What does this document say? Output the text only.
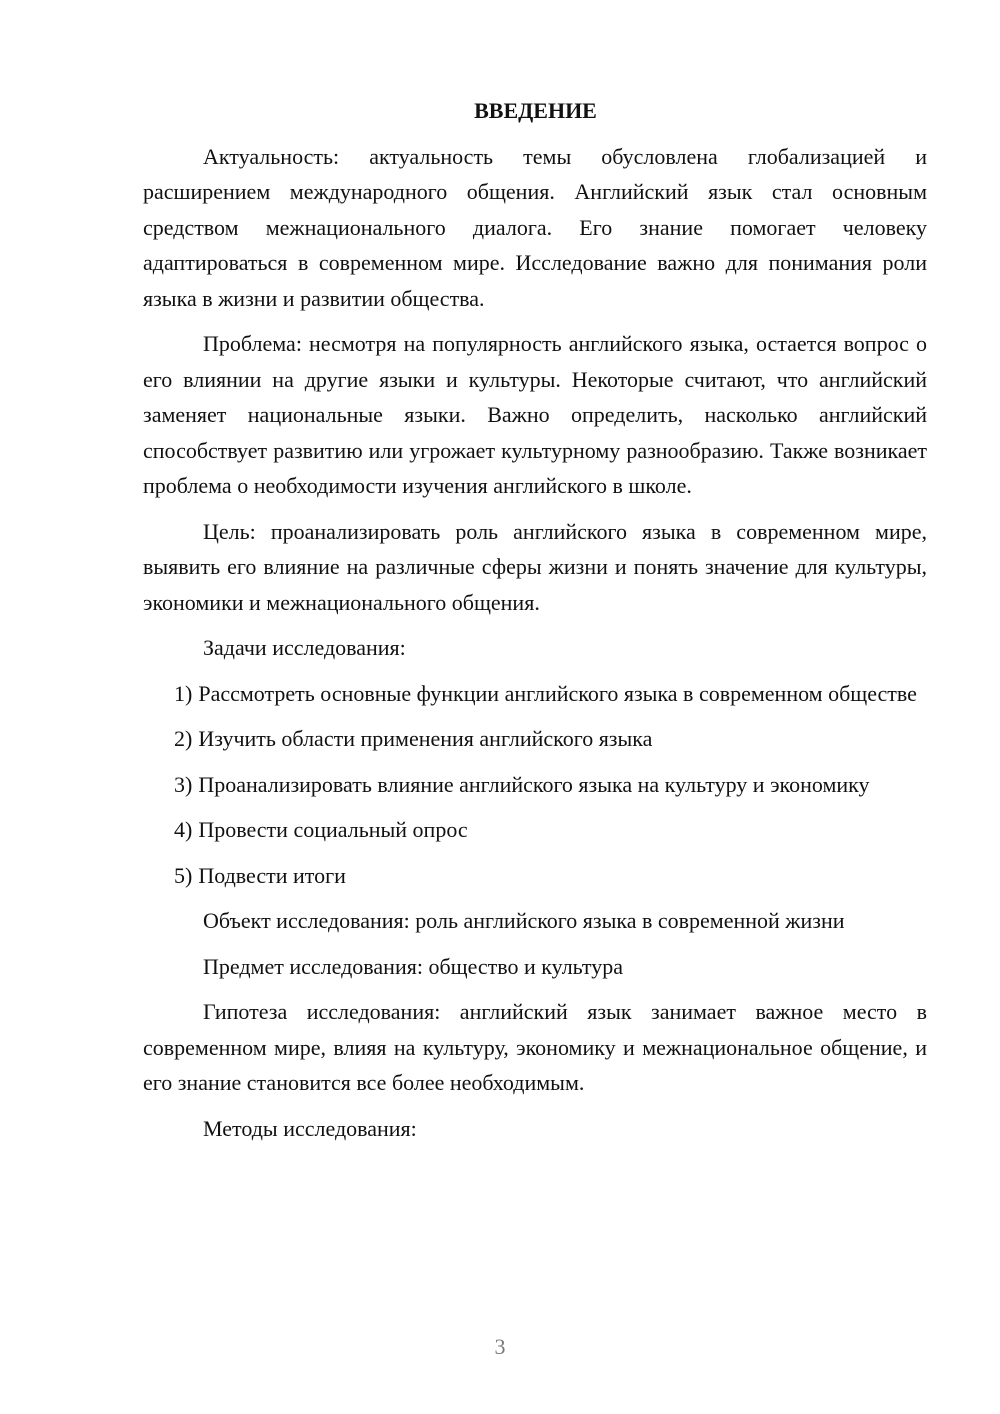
ВВЕДЕНИЕ

Актуальность: актуальность темы обусловлена глобализацией и расширением международного общения. Английский язык стал основным средством межнационального диалога. Его знание помогает человеку адаптироваться в современном мире. Исследование важно для понимания роли языка в жизни и развитии общества.

Проблема: несмотря на популярность английского языка, остается вопрос о его влиянии на другие языки и культуры. Некоторые считают, что английский заменяет национальные языки. Важно определить, насколько английский способствует развитию или угрожает культурному разнообразию. Также возникает проблема о необходимости изучения английского в школе.

Цель: проанализировать роль английского языка в современном мире, выявить его влияние на различные сферы жизни и понять значение для культуры, экономики и межнационального общения.

Задачи исследования:

1) Рассмотреть основные функции английского языка в современном обществе

2) Изучить области применения английского языка

3) Проанализировать влияние английского языка на культуру и экономику

4) Провести социальный опрос

5) Подвести итоги

Объект исследования: роль английского языка в современной жизни

Предмет исследования: общество и культура

Гипотеза исследования: английский язык занимает важное место в современном мире, влияя на культуру, экономику и межнациональное общение, и его знание становится все более необходимым.

Методы исследования:

3
